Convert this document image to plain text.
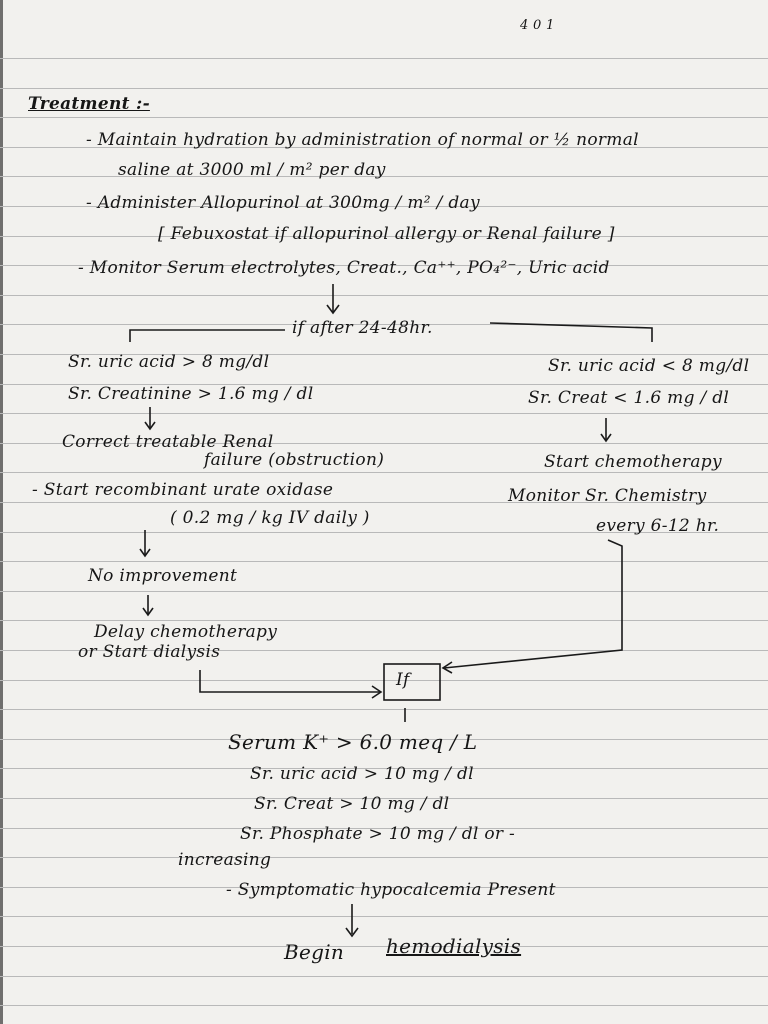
4 0 1
Treatment :-
- Maintain hydration by administration of normal or ½ normal
saline at 3000 ml / m² per day
- Administer Allopurinol at 300mg / m² / day
[ Febuxostat if allopurinol allergy or Renal failure ]
- Monitor Serum electrolytes, Creat., Ca⁺⁺, PO₄²⁻, Uric acid
if after 24-48hr.
Sr. uric acid > 8 mg/dl
Sr. Creatinine > 1.6 mg / dl
Sr. uric acid < 8 mg/dl
Sr. Creat < 1.6 mg / dl
Correct treatable Renal
failure (obstruction)	Start chemotherapy
- Start recombinant urate oxidase	Monitor Sr. Chemistry
( 0.2 mg / kg IV daily )	every 6-12 hr.
No improvement
Delay chemotherapy
or Start dialysis
If
Serum K⁺ > 6.0 meq / L
Sr. uric acid > 10 mg / dl
Sr. Creat > 10 mg / dl
Sr. Phosphate > 10 mg / dl or -
increasing
- Symptomatic hypocalcemia Present
Begin hemodialysis
